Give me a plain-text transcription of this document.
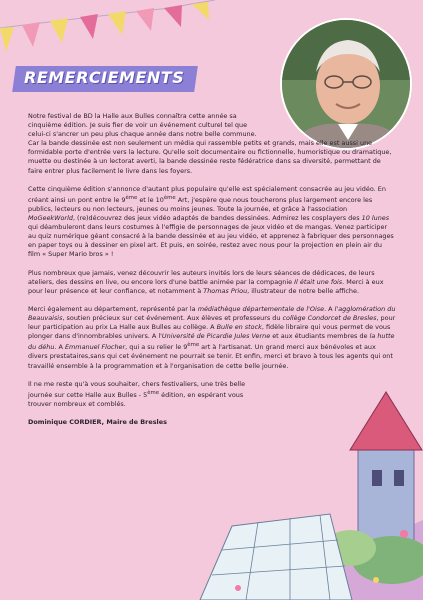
REMERCIEMENTS

Notre festival de BD la Halle aux Bulles connaîtra cette année sa cinquième édition. Je suis fier de voir un événement culturel tel que celui-ci s'ancrer un peu plus chaque année dans notre belle commune.

Car la bande dessinée est non seulement un média qui rassemble petits et grands, mais elle est aussi une formidable porte d'entrée vers la lecture. Qu'elle soit documentaire ou fictionnelle, humoristique ou dramatique, muette ou destinée à un lectorat averti, la bande dessinée reste fédératrice dans sa diversité, permettant de faire entrer plus facilement le livre dans les foyers.

Cette cinquième édition s'annonce d'autant plus populaire qu'elle est spécialement consacrée au jeu vidéo. En créant ainsi un pont entre le 9ème et le 10ème Art, j'espère que nous toucherons plus largement encore les publics, lecteurs ou non lecteurs, jeunes ou moins jeunes. Toute la journée, et grâce à l'association MoGeekWorld, (re)découvrez des jeux vidéo adaptés de bandes dessinées. Admirez les cosplayers des 10 lunes qui déambuleront dans leurs costumes à l'effigie de personnages de jeux vidéo et de mangas. Venez participer au quiz numérique géant consacré à la bande dessinée et au jeu vidéo, et apprenez à fabriquer des personnages en paper toys ou à dessiner en pixel art. Et puis, en soirée, restez avec nous pour la projection en plein air du film « Super Mario bros » !

Plus nombreux que jamais, venez découvrir les auteurs invités lors de leurs séances de dédicaces, de leurs ateliers, des dessins en live, ou encore lors d'une battle animée par la compagnie Il était une fois. Merci à eux pour leur présence et leur confiance, et notamment à Thomas Priou, illustrateur de notre belle affiche.

Merci également au département, représenté par la médiathèque départementale de l'Oise. A l'agglomération du Beauvaisis, soutien précieux sur cet événement. Aux élèves et professeurs du collège Condorcet de Bresles, pour leur participation au prix La Halle aux Bulles au collège. A Bulle en stock, fidèle libraire qui vous permet de vous plonger dans d'innombrables univers. A l'Université de Picardie Jules Verne et aux étudiants membres de la hutte du déhu. A Emmanuel Flocher, qui a su relier le 9ème art à l'artisanat. Un grand merci aux bénévoles et aux divers prestataires,sans qui cet événement ne pourrait se tenir. Et enfin, merci et bravo à tous les agents qui ont travaillé ensemble à la programmation et à l'organisation de cette belle journée.

Il ne me reste qu'à vous souhaiter, chers festivaliers, une très belle journée sur cette Halle aux Bulles - 5ème édition, en espérant vous trouver nombreux et comblés.

Dominique CORDIER, Maire de Bresles
